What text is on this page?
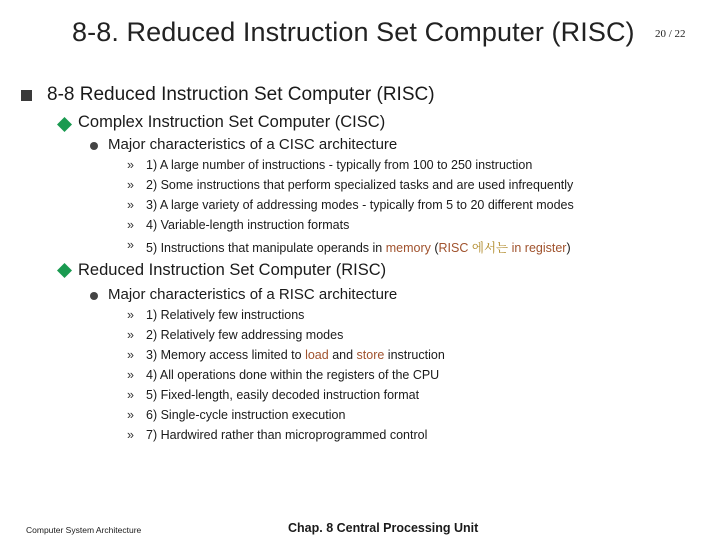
8-8. Reduced Instruction Set Computer (RISC) 20 / 22
8-8 Reduced Instruction Set Computer (RISC)
Complex Instruction Set Computer (CISC)
Major characteristics of a CISC architecture
» 1) A large number of instructions - typically from 100 to 250 instruction
» 2) Some instructions that perform specialized tasks and are used infrequently
» 3) A large variety of addressing modes - typically from 5 to 20 different modes
» 4) Variable-length instruction formats
» 5) Instructions that manipulate operands in memory (RISC 에서는 in register)
Reduced Instruction Set Computer (RISC)
Major characteristics of a RISC architecture
» 1) Relatively few instructions
» 2) Relatively few addressing modes
» 3) Memory access limited to load and store instruction
» 4) All operations done within the registers of the CPU
» 5) Fixed-length, easily decoded instruction format
» 6) Single-cycle instruction execution
» 7) Hardwired rather than microprogrammed control
Computer System Architecture	Chap. 8 Central Processing Unit
